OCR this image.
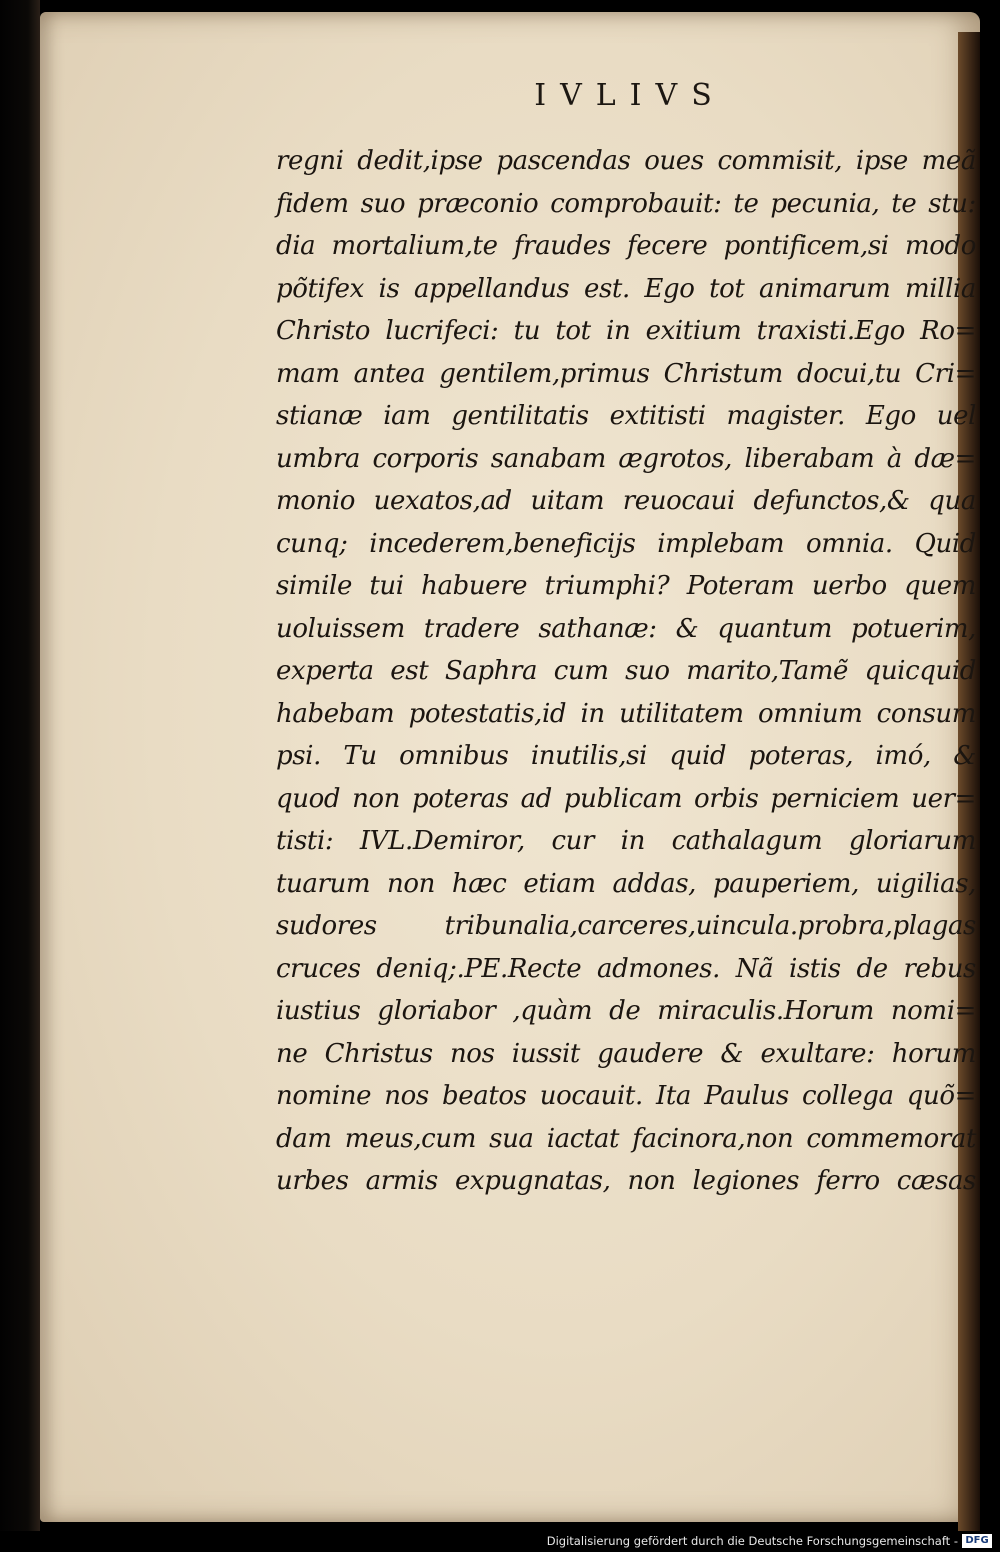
IVLIVS
regni dedit,ipse pascendas oues commisit, ipse meã
fidem suo præconio comprobauit: te pecunia, te stu:
dia mortalium,te fraudes fecere pontificem,si modo
põtifex is appellandus est. Ego tot animarum millia
Christo lucrifeci: tu tot in exitium traxisti.Ego Ro=
mam antea gentilem,primus Christum docui,tu Cri=
stianæ iam gentilitatis extitisti magister. Ego uel
umbra corporis sanabam ægrotos, liberabam à dæ=
monio uexatos,ad uitam reuocaui defunctos,& qua
cunq; incederem,beneficijs implebam omnia. Quid
simile tui habuere triumphi? Poteram uerbo quem
uoluissem tradere sathanæ: & quantum potuerim,
experta est Saphra cum suo marito,Tamẽ quicquid
habebam potestatis,id in utilitatem omnium consum
psi. Tu omnibus inutilis,si quid poteras, imó, &
quod non poteras ad publicam orbis perniciem uer=
tisti: IVL.Demiror, cur in cathalagum gloriarum
tuarum non hæc etiam addas, pauperiem, uigilias,
sudores tribunalia,carceres,uincula.probra,plagas
cruces deniq;.PE.Recte admones. Nã istis de rebus
iustius gloriabor ,quàm de miraculis.Horum nomi=
ne Christus nos iussit gaudere & exultare: horum
nomine nos beatos uocauit. Ita Paulus collega quõ=
dam meus,cum sua iactat facinora,non commemorat
urbes armis expugnatas, non legiones ferro cæsas
Digitalisierung gefördert durch die Deutsche Forschungsgemeinschaft - DFG
